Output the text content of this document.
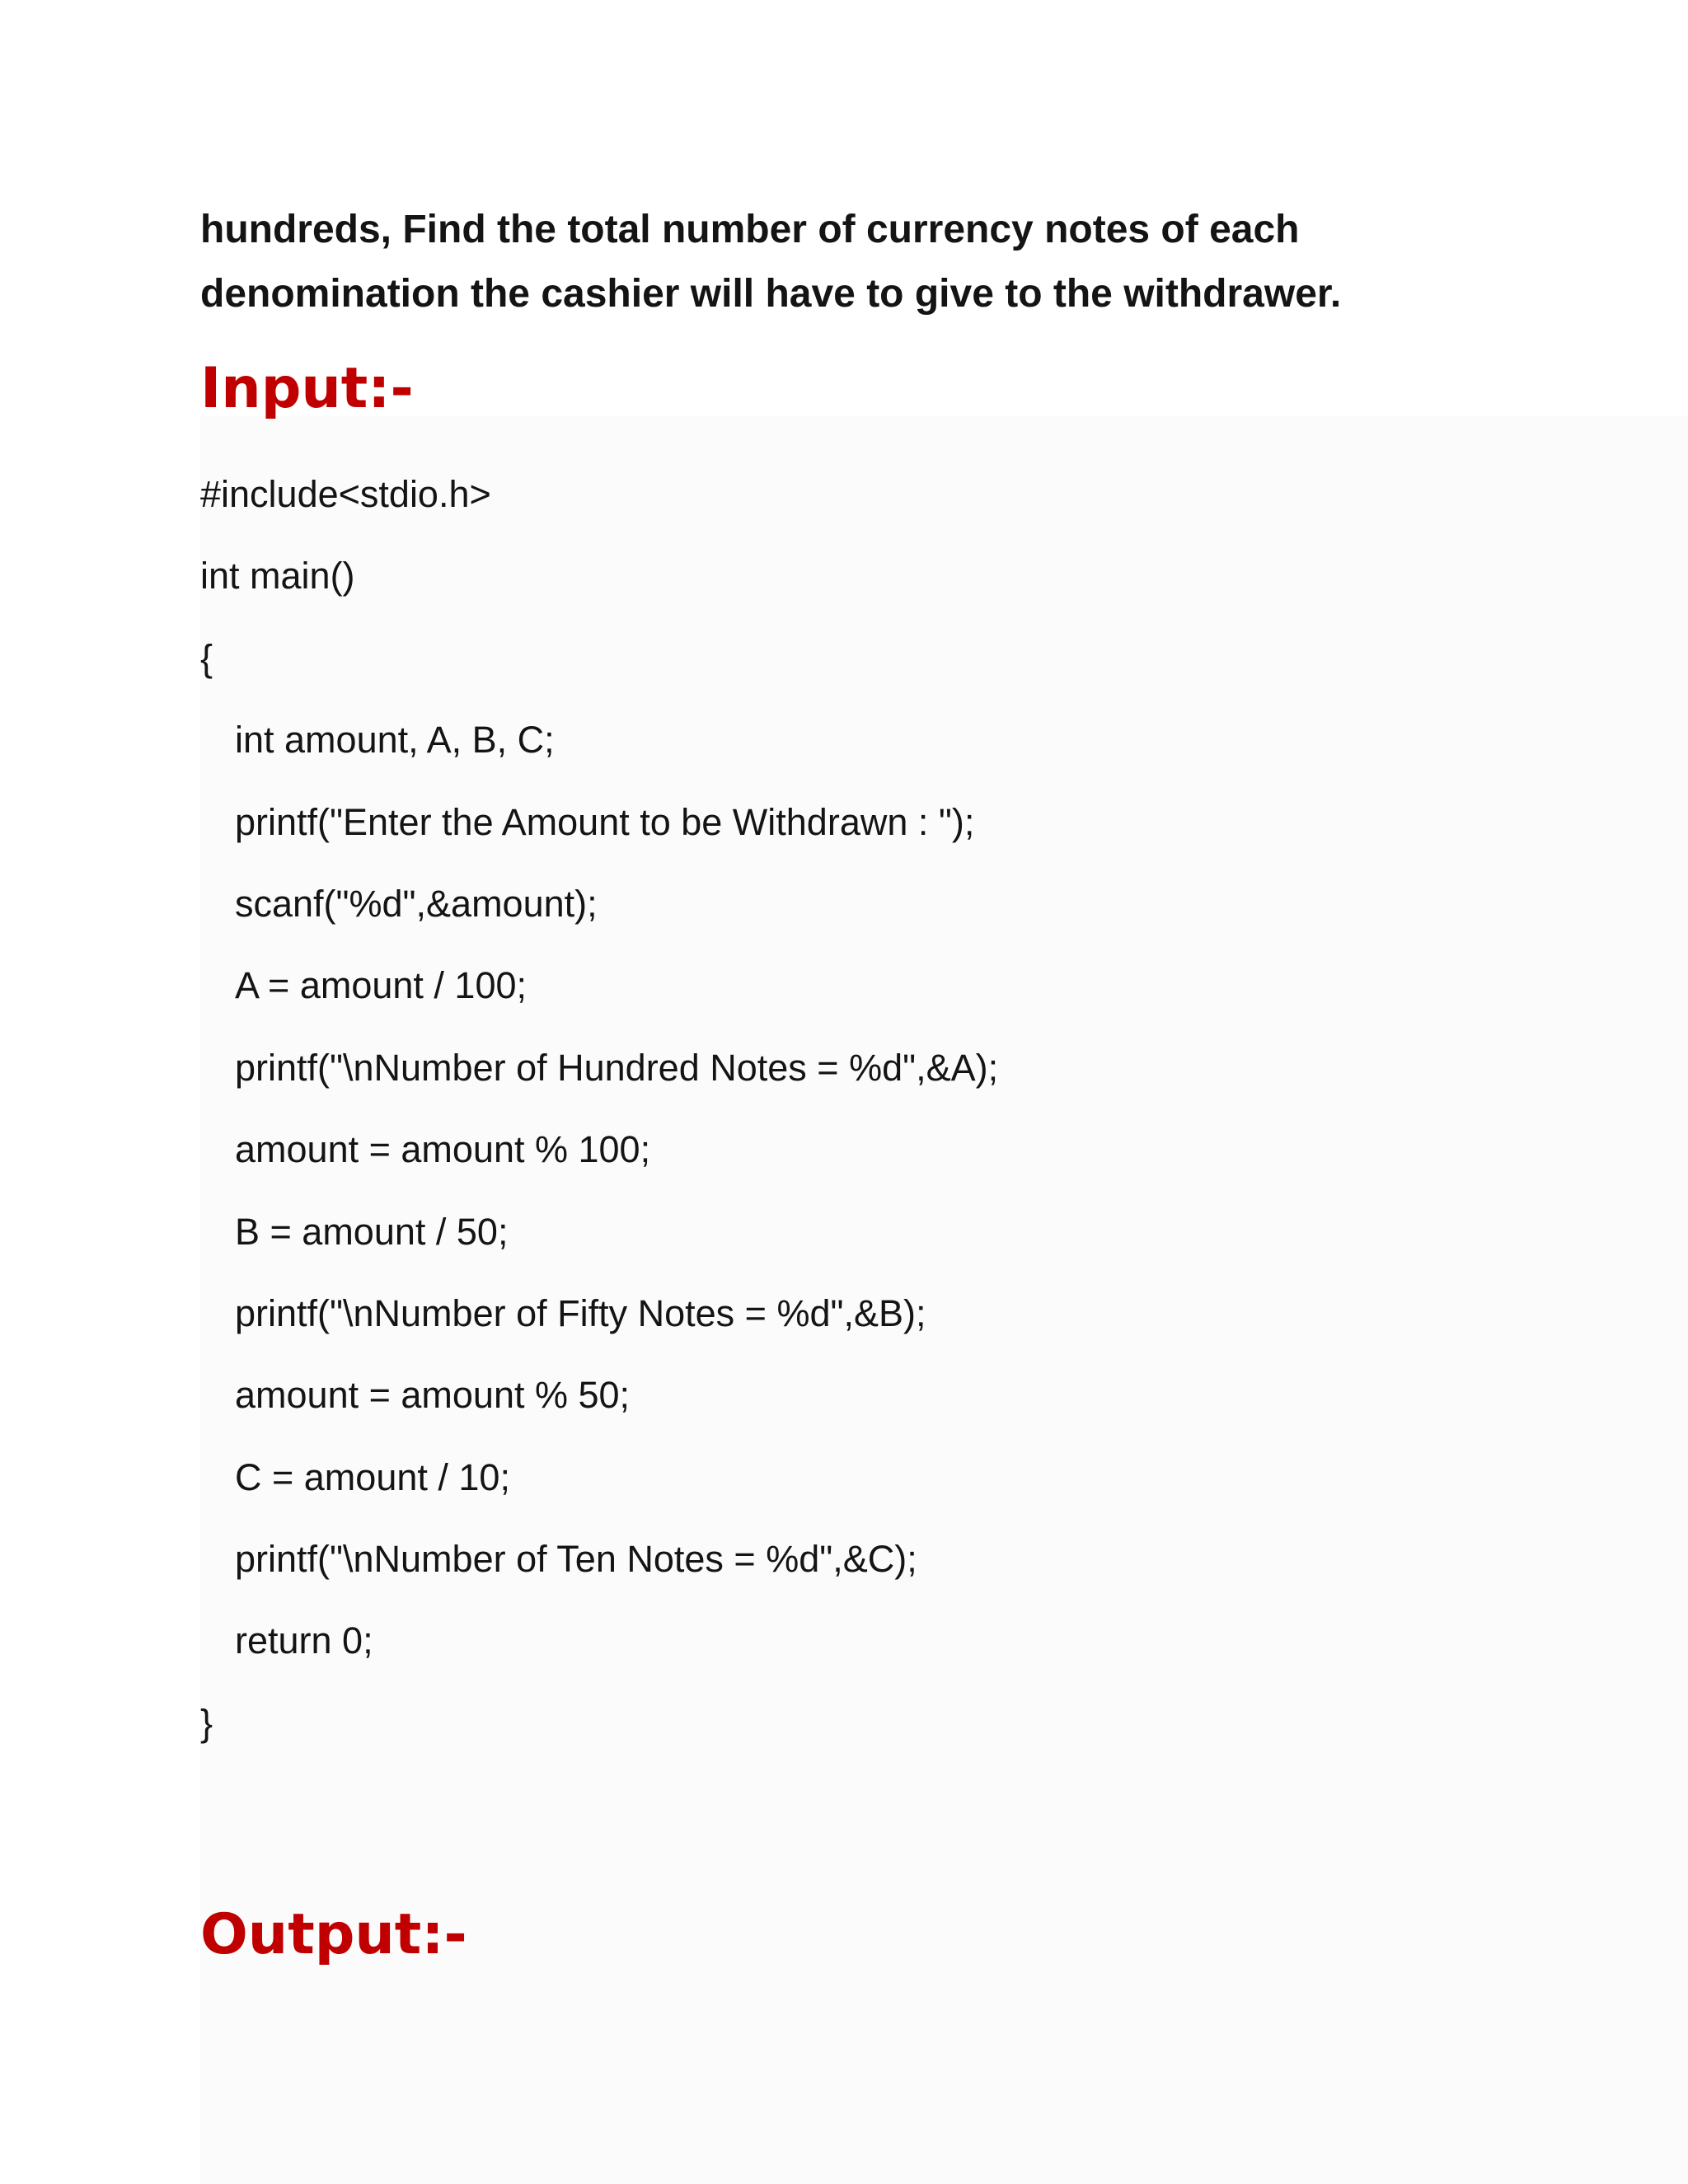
hundreds, Find the total number of currency notes of each
denomination the cashier will have to give to the withdrawer.

Input:-
#include<stdio.h>
int main()
{
int amount, A, B, C;
printf("Enter the Amount to be Withdrawn : ");
scanf("%d",&amount);
A = amount / 100;
printf("\nNumber of Hundred Notes = %d",&A);
amount = amount % 100;
B = amount / 50;
printf("\nNumber of Fifty Notes = %d",&B);
amount = amount % 50;
C = amount / 10;
printf("\nNumber of Ten Notes = %d",&C);
return 0;
}
Output:-
